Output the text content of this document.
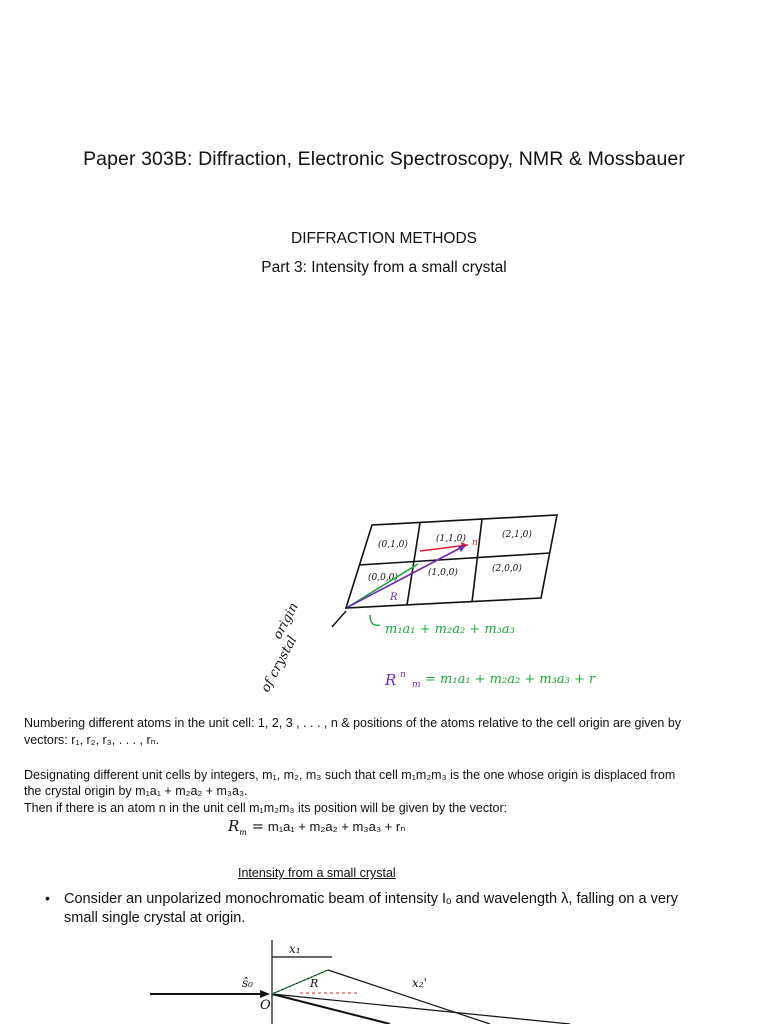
Paper 303B: Diffraction, Electronic Spectroscopy, NMR & Mossbauer
DIFFRACTION METHODS
Part 3: Intensity from a small crystal
(0,1,0)
(1,1,0)	(2,1,0)
(0,0,0)	(1,0,0)	(2,0,0)
n
R
m₁a₁ + m₂a₂ + m₃a₃
origin
of crystal	R n
m = m₁a₁ + m₂a₂ + m₃a₃ + r
Numbering different atoms in the unit cell: 1, 2, 3 , . . . , n & positions of the atoms relative to the cell origin are given by
vectors: r₁, r₂, r₃, . . . , rₙ.
Designating different unit cells by integers, m₁, m₂, m₃ such that cell m₁m₂m₃ is the one whose origin is displaced from
the crystal origin by m₁a₁ + m₂a₂ + m₃a₃.
Then if there is an atom n in the unit cell m₁m₂m₃ its position will be given by the vector:
$R_m = m_1a_1 + m_2a_2 + m_3a_3 + r_n$
Intensity from a small crystal
• Consider an unpolarized monochromatic beam of intensity Iₒ and wavelength λ, falling on a very
small single crystal at origin.
x₁
x₂'
ŝ₀
O
R
